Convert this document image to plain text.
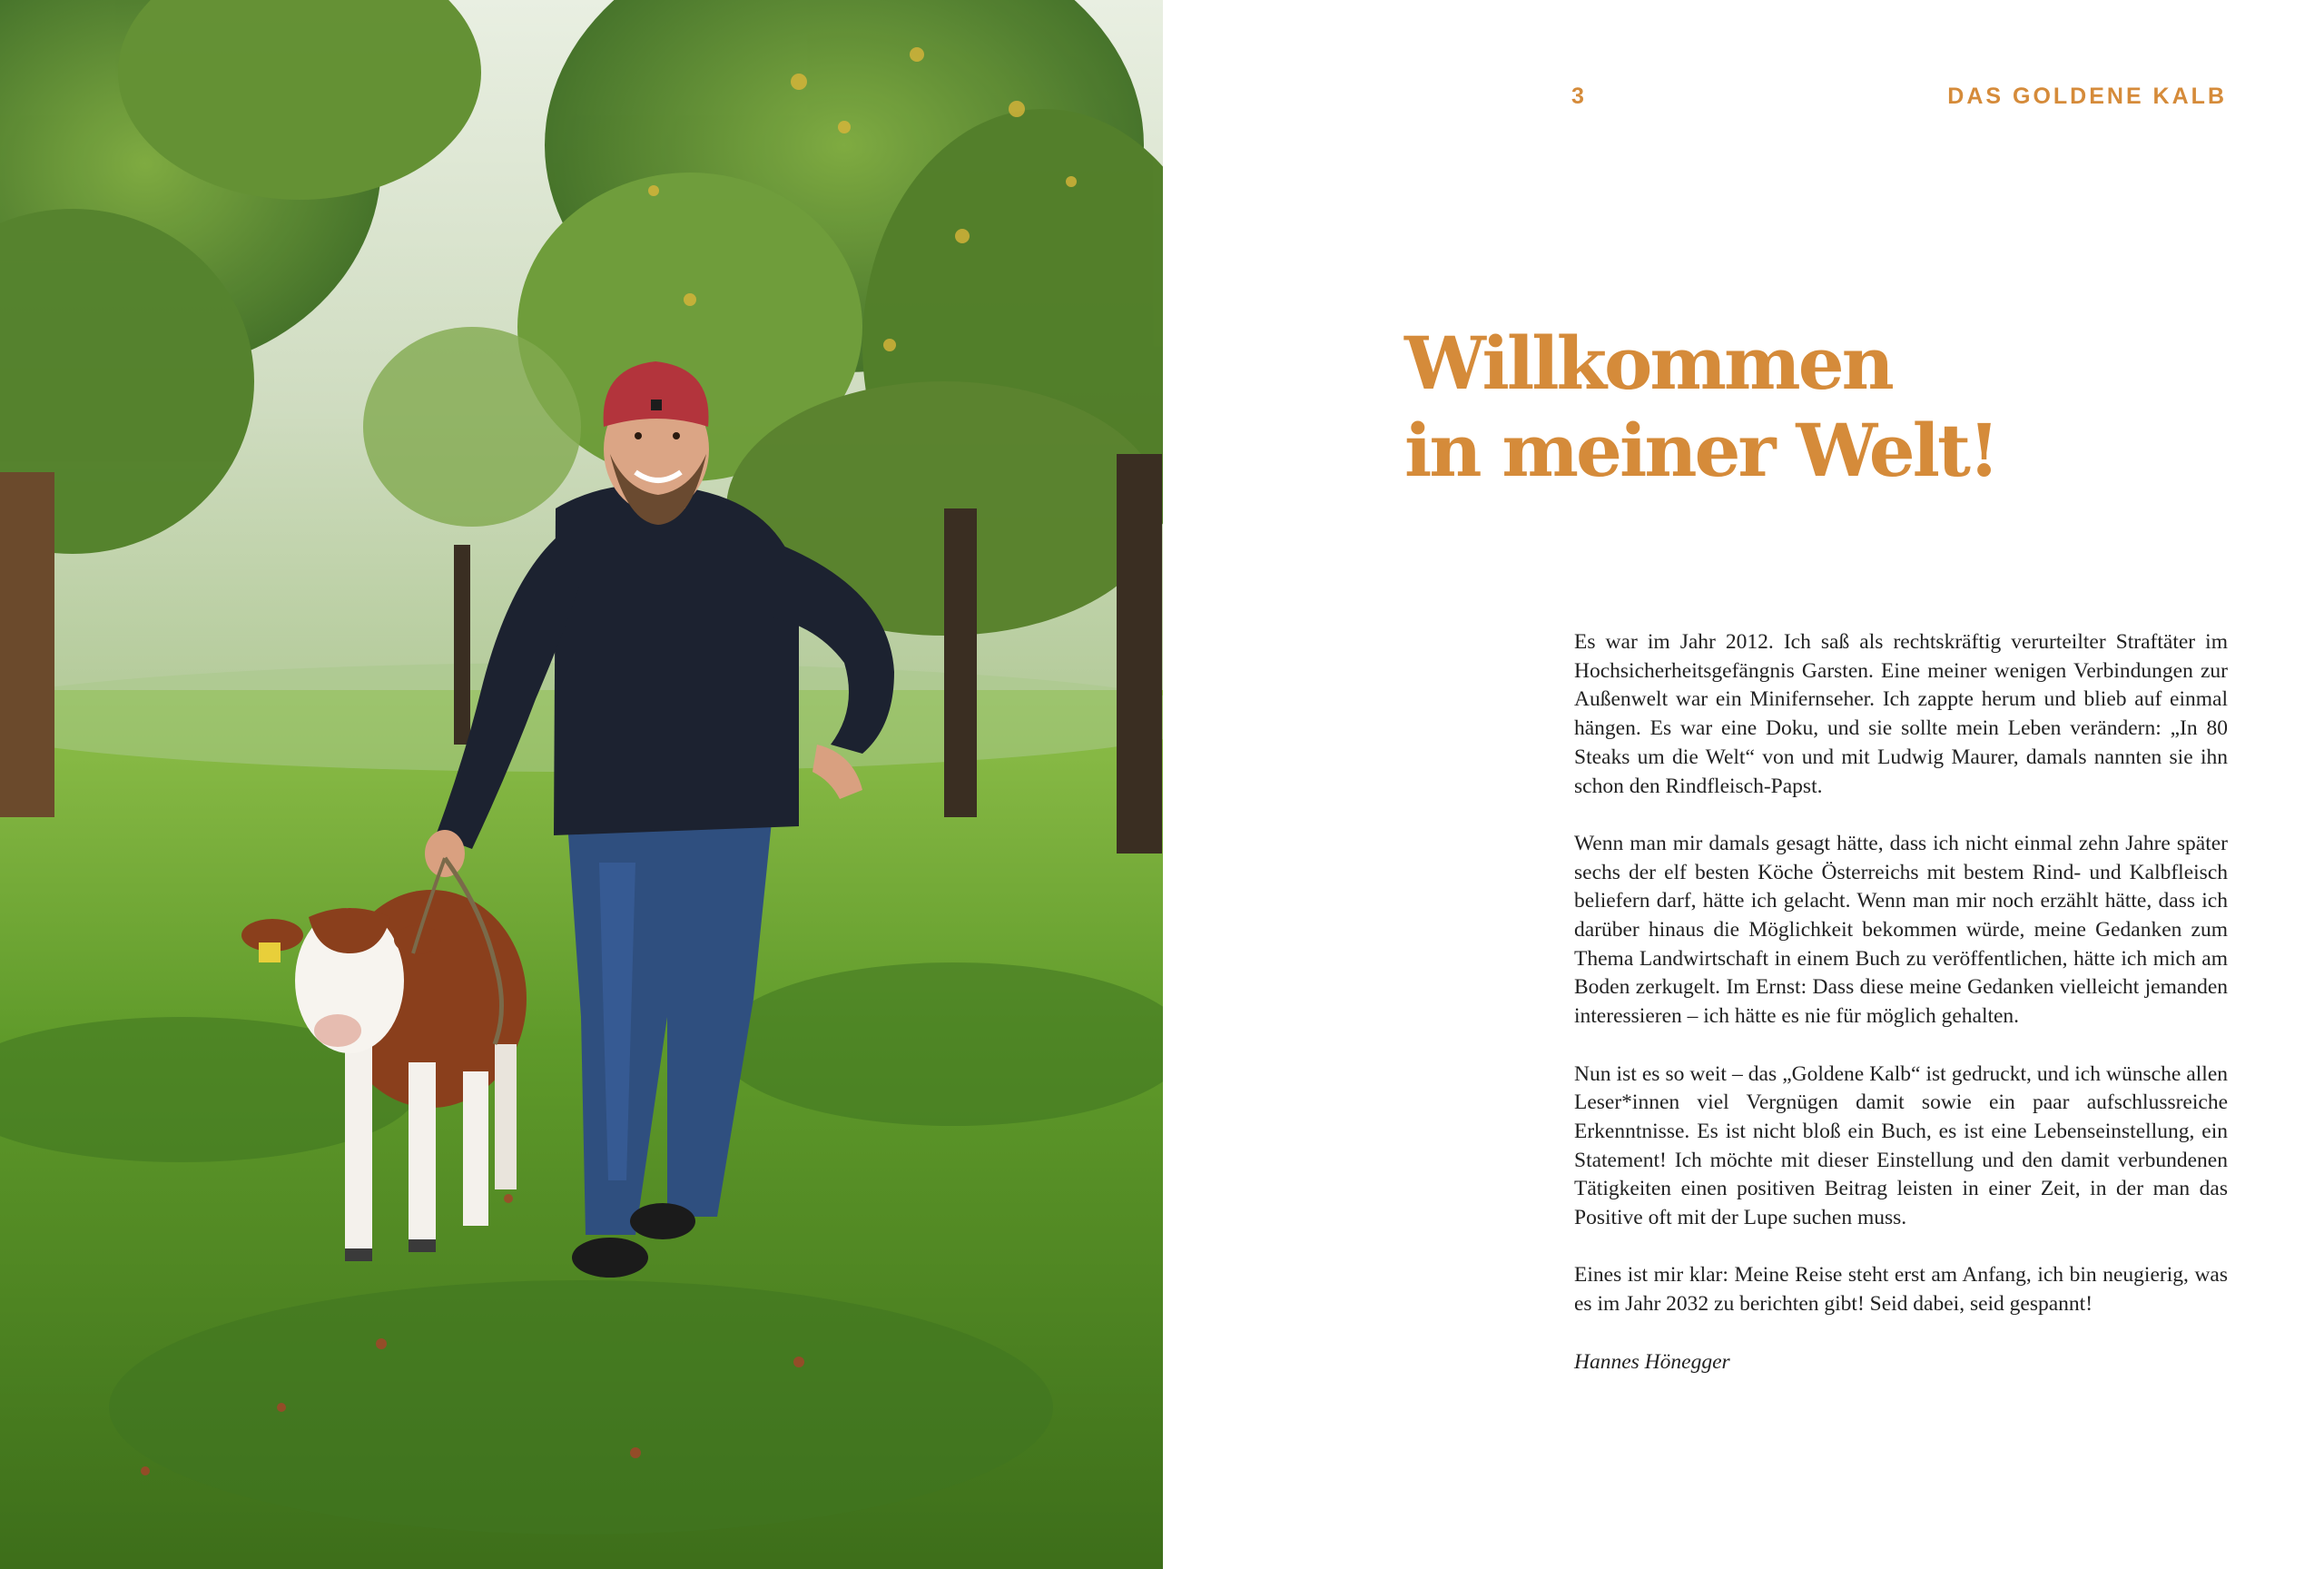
3	DAS GOLDENE KALB
Willkommen
in meiner Welt!

Es war im Jahr 2012. Ich saß als rechtskräftig verurteilter Straftäter im Hochsicherheitsgefängnis Garsten. Eine meiner wenigen Verbindungen zur Außenwelt war ein Minifernseher. Ich zappte herum und blieb auf einmal hängen. Es war eine Doku, und sie sollte mein Leben verändern: „In 80 Steaks um die Welt“ von und mit Ludwig Maurer, damals nannten sie ihn schon den Rindfleisch-Papst.

Wenn man mir damals gesagt hätte, dass ich nicht einmal zehn Jahre später sechs der elf besten Köche Österreichs mit bestem Rind- und Kalbfleisch beliefern darf, hätte ich gelacht. Wenn man mir noch erzählt hätte, dass ich darüber hinaus die Möglichkeit bekommen würde, meine Gedanken zum Thema Landwirtschaft in einem Buch zu veröffentlichen, hätte ich mich am Boden zerkugelt. Im Ernst: Dass diese meine Gedanken vielleicht jemanden interessieren – ich hätte es nie für möglich gehalten.

Nun ist es so weit – das „Goldene Kalb“ ist gedruckt, und ich wünsche allen Leser*innen viel Vergnügen damit sowie ein paar aufschlussreiche Erkenntnisse. Es ist nicht bloß ein Buch, es ist eine Lebenseinstellung, ein Statement! Ich möchte mit dieser Einstellung und den damit verbundenen Tätigkeiten einen positiven Beitrag leisten in einer Zeit, in der man das Positive oft mit der Lupe suchen muss.

Eines ist mir klar: Meine Reise steht erst am Anfang, ich bin neugierig, was es im Jahr 2032 zu berichten gibt! Seid dabei, seid gespannt!

Hannes Hönegger
